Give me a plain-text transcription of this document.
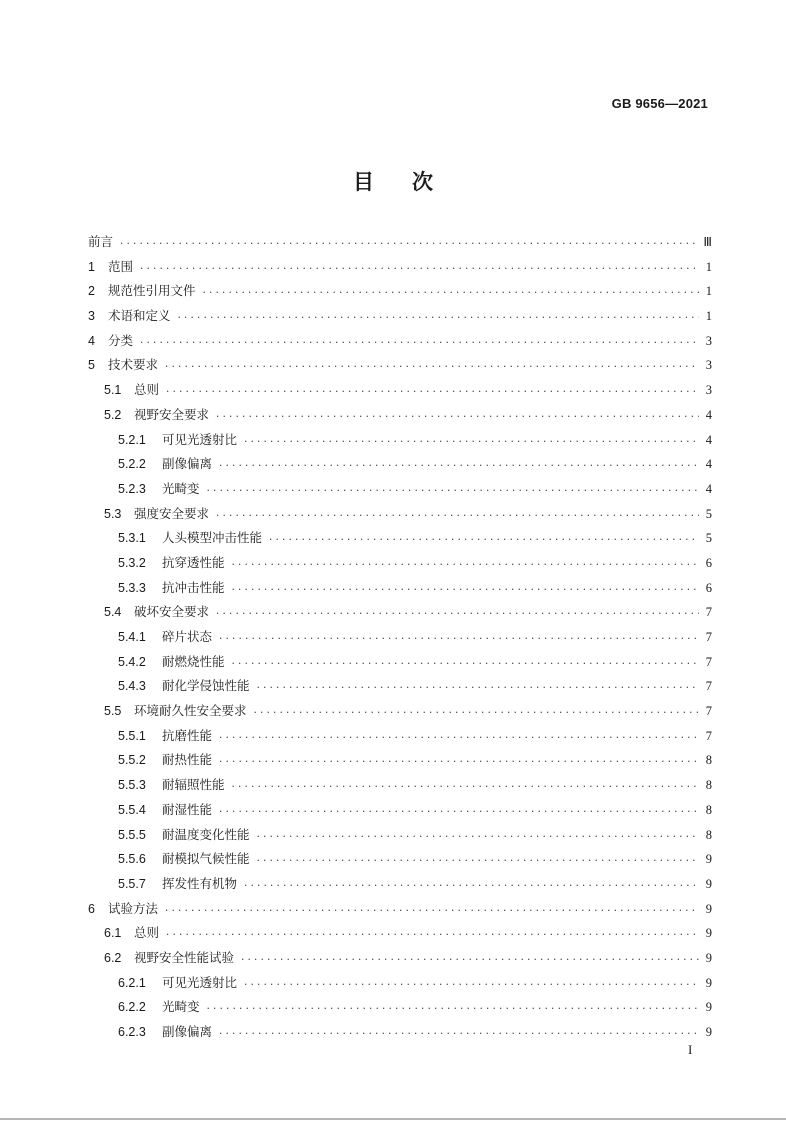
GB 9656—2021
目 次
前言 ·····	Ⅲ
1	范围 ·····	1
2	规范性引用文件 ·····	1
3	术语和定义 ·····	1
4	分类 ·····	3
5	技术要求 ·····	3
5.1	总则 ·····	3
5.2	视野安全要求 ·····	4
5.2.1	可见光透射比 ·····	4
5.2.2	副像偏离 ·····	4
5.2.3	光畸变 ·····	4
5.3	强度安全要求 ·····	5
5.3.1	人头模型冲击性能 ·····	5
5.3.2	抗穿透性能 ·····	6
5.3.3	抗冲击性能 ·····	6
5.4	破坏安全要求 ·····	7
5.4.1	碎片状态 ·····	7
5.4.2	耐燃烧性能 ·····	7
5.4.3	耐化学侵蚀性能 ·····	7
5.5	环境耐久性安全要求 ·····	7
5.5.1	抗磨性能 ·····	7
5.5.2	耐热性能 ·····	8
5.5.3	耐辐照性能 ·····	8
5.5.4	耐湿性能 ·····	8
5.5.5	耐温度变化性能 ·····	8
5.5.6	耐模拟气候性能 ·····	9
5.5.7	挥发性有机物 ·····	9
6	试验方法 ·····	9
6.1	总则 ·····	9
6.2	视野安全性能试验 ·····	9
6.2.1	可见光透射比 ·····	9
6.2.2	光畸变 ·····	9
6.2.3	副像偏离 ·····	9
I
